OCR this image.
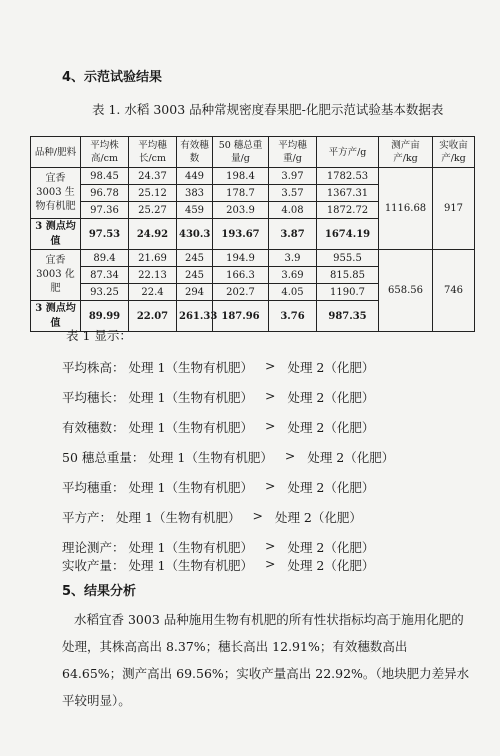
4、示范试验结果

表 1. 水稻 3003 品种常规密度春果肥-化肥示范试验基本数据表

品种/肥料	平均株高/cm	平均穗长/cm	有效穗数	50 穗总重量/g	平均穗重/g	平方产/g	测产亩产/kg	实收亩产/kg
宜香 3003 生物有机肥	98.45	24.37	449	198.4	3.97	1782.53	1116.68	917
	96.78	25.12	383	178.7	3.57	1367.31		
	97.36	25.27	459	203.9	4.08	1872.72		
3 测点均值	97.53	24.92	430.3	193.67	3.87	1674.19		
宜香 3003 化肥	89.4	21.69	245	194.9	3.9	955.5	658.56	746
	87.34	22.13	245	166.3	3.69	815.85		
	93.25	22.4	294	202.7	4.05	1190.7		
3 测点均值	89.99	22.07	261.33	187.96	3.76	987.35		
表 1 显示：
平均株高： 处理 1（生物有机肥） > 处理 2（化肥）
平均穗长： 处理 1（生物有机肥） > 处理 2（化肥）
有效穗数： 处理 1（生物有机肥） > 处理 2（化肥）
50 穗总重量： 处理 1（生物有机肥） > 处理 2（化肥）
平均穗重： 处理 1（生物有机肥） > 处理 2（化肥）
平方产： 处理 1（生物有机肥） > 处理 2（化肥）
理论测产： 处理 1（生物有机肥） > 处理 2（化肥）
实收产量： 处理 1（生物有机肥） > 处理 2（化肥）
5、结果分析

水稻宜香 3003 品种施用生物有机肥的所有性状指标均高于施用化肥的处理，其株高高出 8.37%；穗长高出 12.91%；有效穗数高出 64.65%；测产高出 69.56%；实收产量高出 22.92%。（地块肥力差异水平较明显）。
